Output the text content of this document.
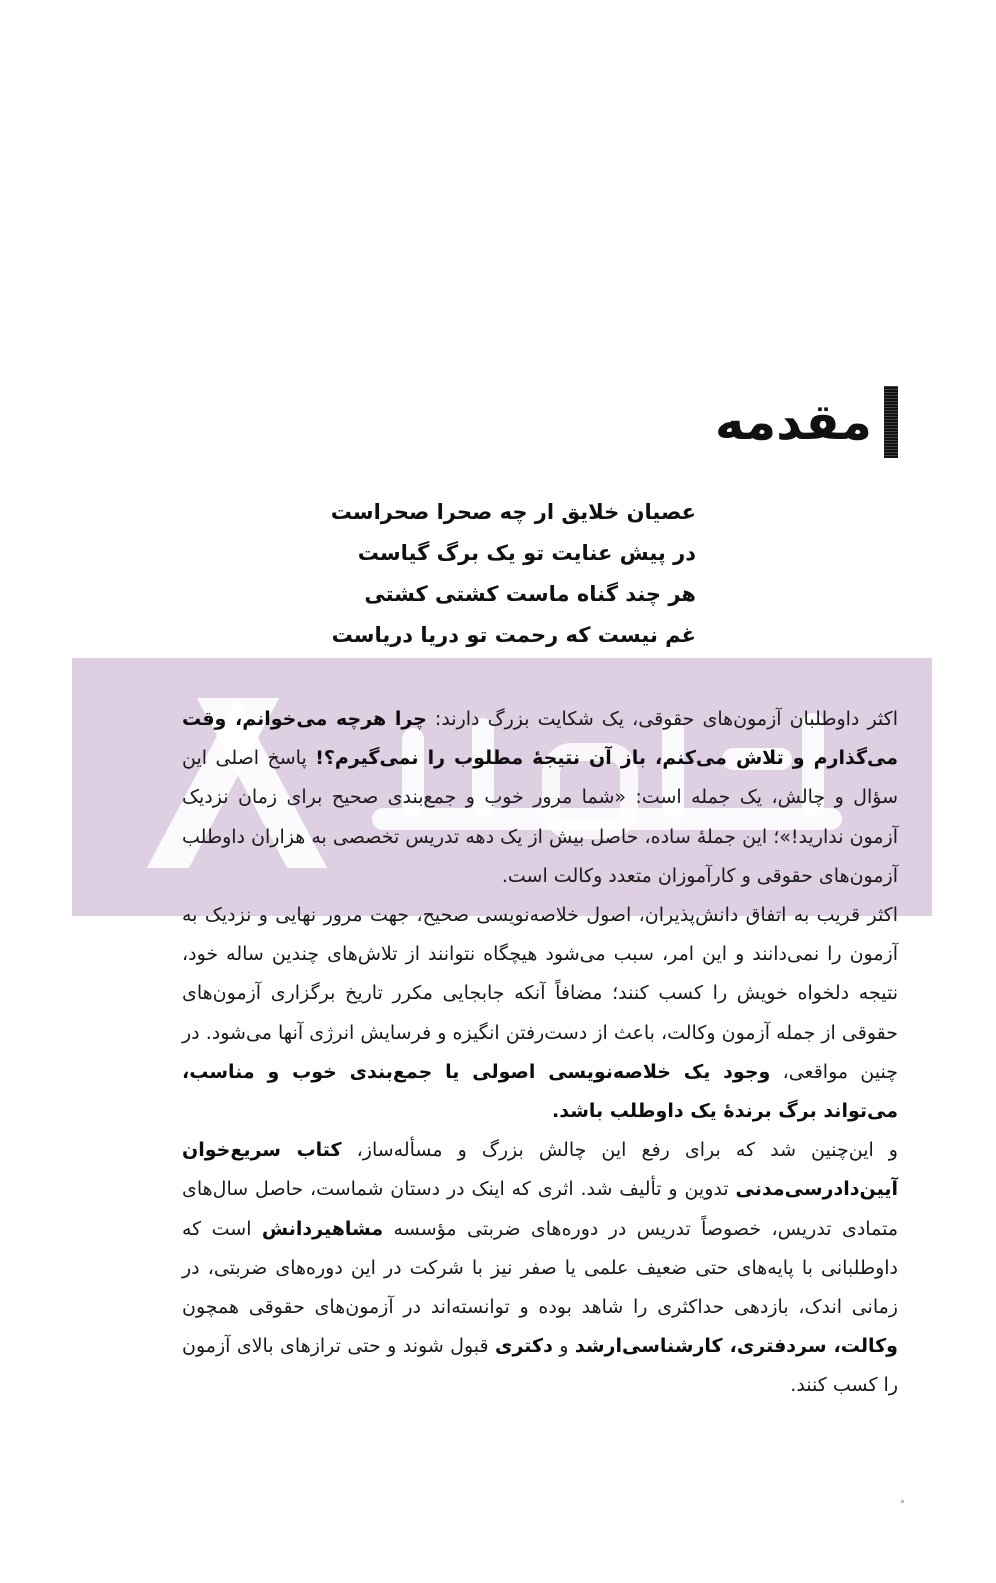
مقدمه
عصیان خلایق ار چه صحرا صحراست
در پیش عنایت تو یک برگ گیاست
هر چند گناه ماست کشتی کشتی
غم نیست که رحمت تو دریا دریاست

اکثر داوطلبان آزمون‌های حقوقی، یک شکایت بزرگ دارند: چرا هرچه می‌خوانم، وقت می‌گذارم و تلاش می‌کنم، باز آن نتیجهٔ مطلوب را نمی‌گیرم؟! پاسخ اصلی این سؤال و چالش، یک جمله است: «شما مرور خوب و جمع‌بندی صحیح برای زمان نزدیک آزمون ندارید!»؛ این جملهٔ ساده، حاصل بیش از یک دهه تدریس تخصصی به هزاران داوطلب آزمون‌های حقوقی و کارآموزان متعدد وکالت است.

اکثر قریب به اتفاق دانش‌پذیران، اصول خلاصه‌نویسی صحیح، جهت مرور نهایی و نزدیک به آزمون را نمی‌دانند و این امر، سبب می‌شود هیچگاه نتوانند از تلاش‌های چندین ساله خود، نتیجه دلخواه خویش را کسب کنند؛ مضافاً آنکه جابجایی مکرر تاریخ برگزاری آزمون‌های حقوقی از جمله آزمون وکالت، باعث از دست‌رفتن انگیزه و فرسایش انرژی آنها می‌شود. در چنین مواقعی، وجود یک خلاصه‌نویسی اصولی یا جمع‌بندی خوب و مناسب، می‌تواند برگ برندهٔ یک داوطلب باشد.

و این‌چنین شد که برای رفع این چالش بزرگ و مسأله‌ساز، کتاب سریع‌خوان آیین‌دادرسی‌مدنی تدوین و تألیف شد. اثری که اینک در دستان شماست، حاصل سال‌های متمادی تدریس، خصوصاً تدریس در دوره‌های ضربتی مؤسسه مشاهیردانش است که داوطلبانی با پایه‌های حتی ضعیف علمی یا صفر نیز با شرکت در این دوره‌های ضربتی، در زمانی اندک، بازدهی حداکثری را شاهد بوده و توانسته‌اند در آزمون‌های حقوقی همچون وکالت، سردفتری، کارشناسی‌ارشد و دکتری قبول شوند و حتی ترازهای بالای آزمون را کسب کنند.
